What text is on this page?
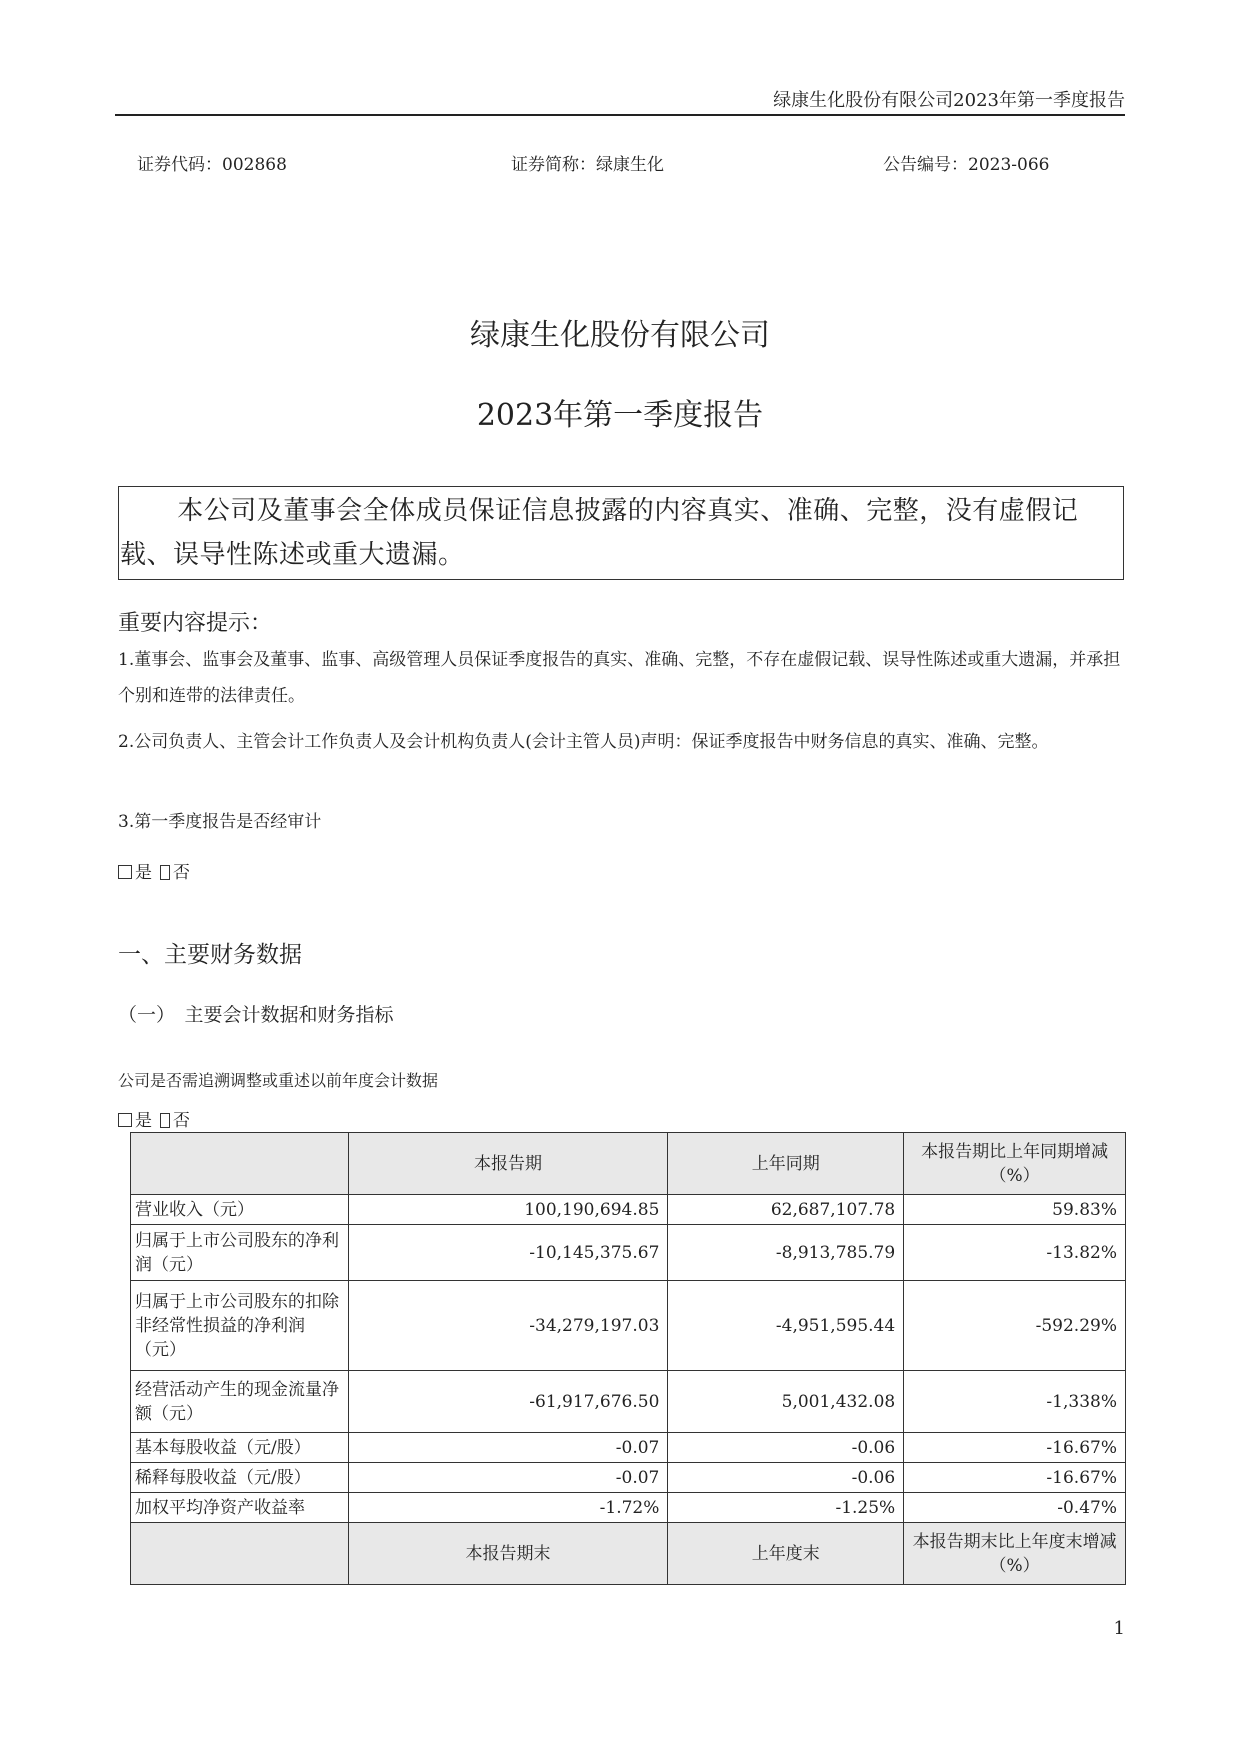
绿康生化股份有限公司2023年第一季度报告
证券代码：002868	证券简称：绿康生化	公告编号：2023-066
绿康生化股份有限公司
2023年第一季度报告
本公司及董事会全体成员保证信息披露的内容真实、准确、完整，没有虚假记载、误导性陈述或重大遗漏。
重要内容提示：
1.董事会、监事会及董事、监事、高级管理人员保证季度报告的真实、准确、完整，不存在虚假记载、误导性陈述或重大遗漏，并承担个别和连带的法律责任。
2.公司负责人、主管会计工作负责人及会计机构负责人(会计主管人员)声明：保证季度报告中财务信息的真实、准确、完整。
3.第一季度报告是否经审计
是 否
一、主要财务数据
（一）　主要会计数据和财务指标
公司是否需追溯调整或重述以前年度会计数据
是 否
	本报告期	上年同期	本报告期比上年同期增减（%）
营业收入（元）	100,190,694.85	62,687,107.78	59.83%
归属于上市公司股东的净利润（元）	-10,145,375.67	-8,913,785.79	-13.82%
归属于上市公司股东的扣除非经常性损益的净利润（元）	-34,279,197.03	-4,951,595.44	-592.29%
经营活动产生的现金流量净额（元）	-61,917,676.50	5,001,432.08	-1,338%
基本每股收益（元/股）	-0.07	-0.06	-16.67%
稀释每股收益（元/股）	-0.07	-0.06	-16.67%
加权平均净资产收益率	-1.72%	-1.25%	-0.47%
	本报告期末	上年度末	本报告期末比上年度末增减（%）
1
